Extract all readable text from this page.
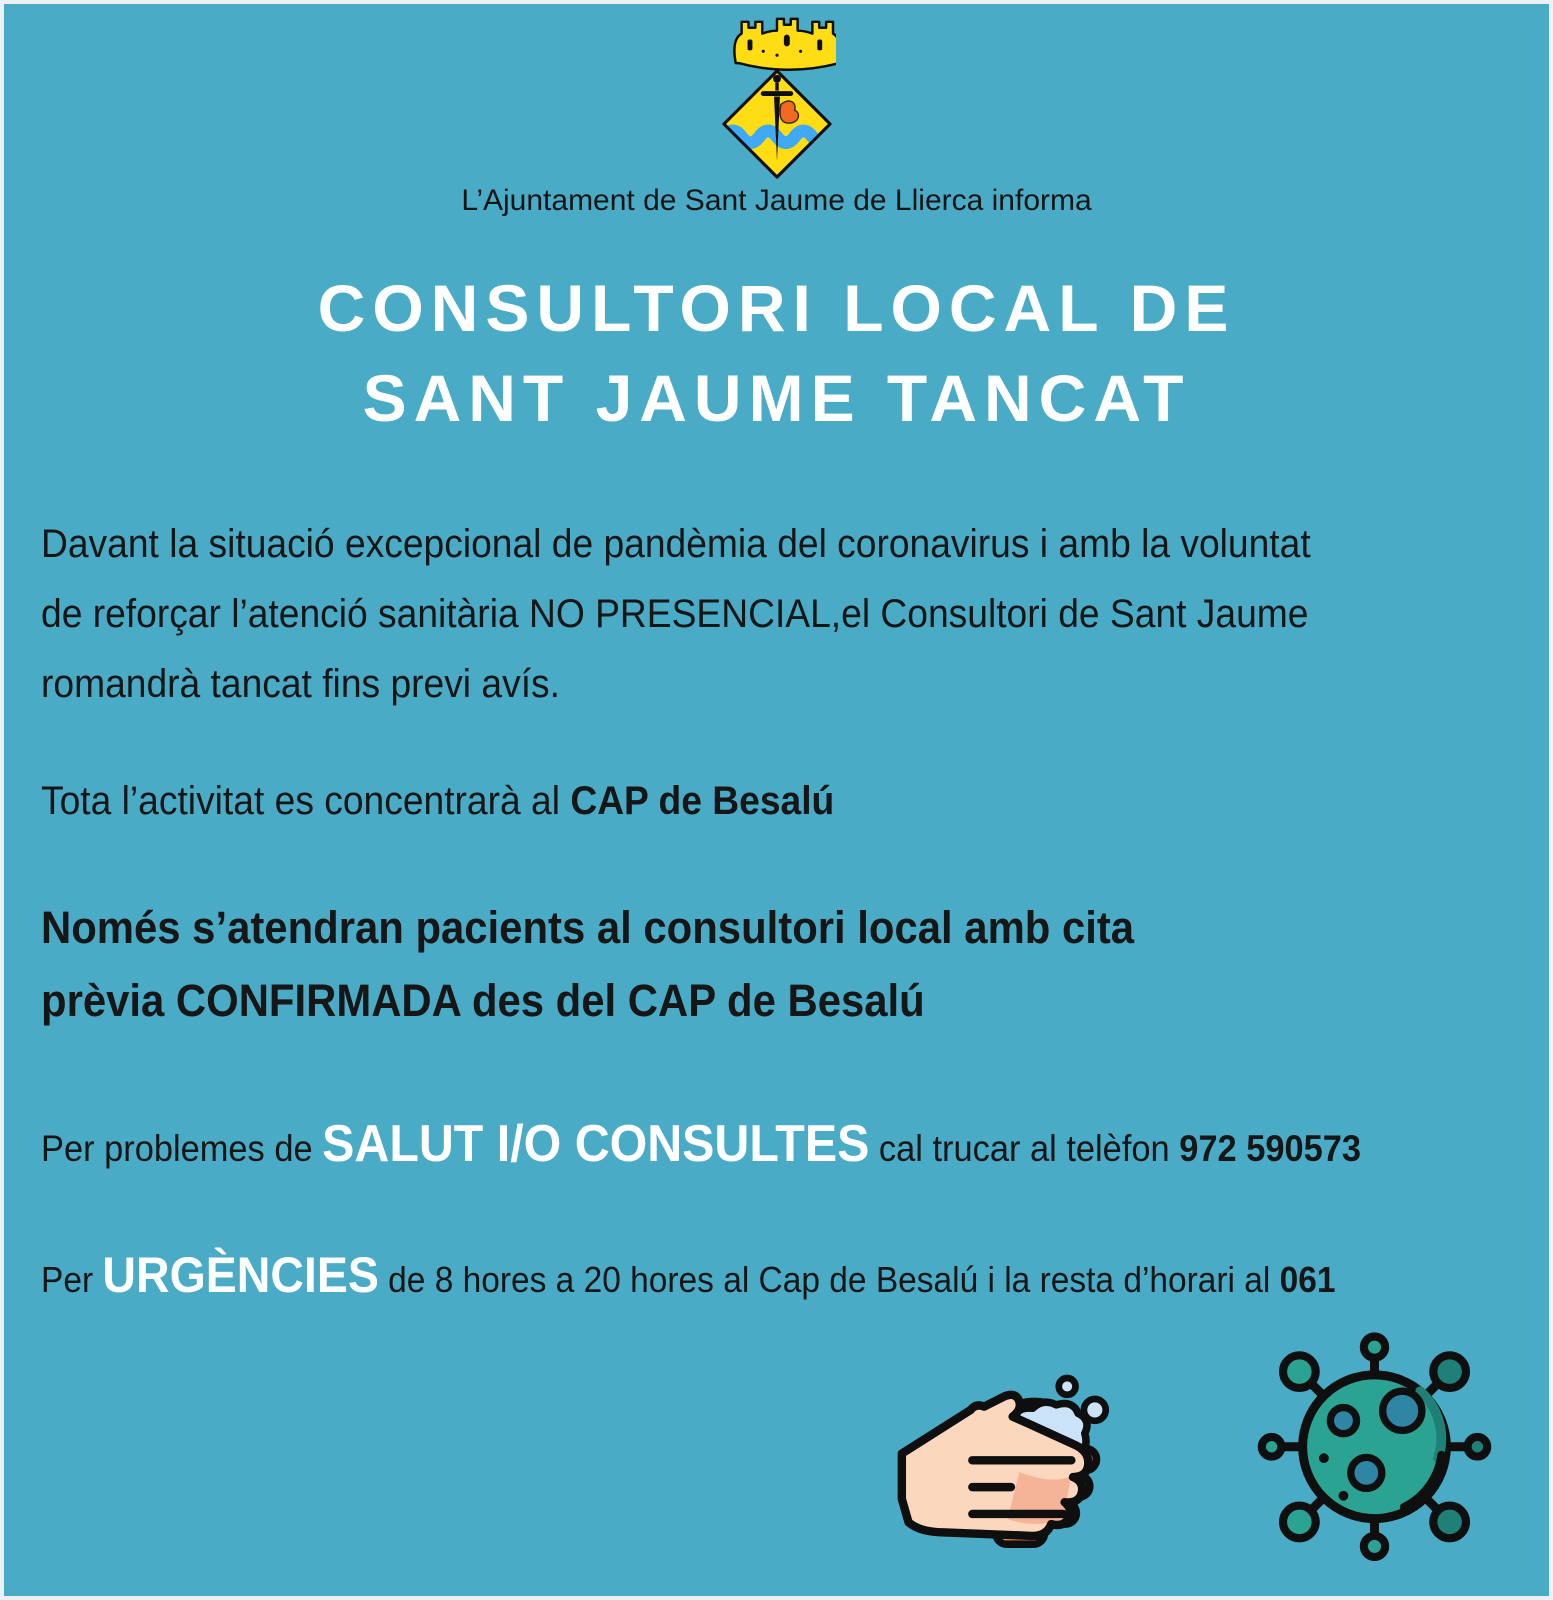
L’Ajuntament de Sant Jaume de Llierca informa
CONSULTORI LOCAL DE
SANT JAUME TANCAT
Davant la situació excepcional de pandèmia del coronavirus i amb la voluntat
de reforçar l’atenció sanitària NO PRESENCIAL,el Consultori de Sant Jaume
romandrà tancat fins previ avís.
Tota l’activitat es concentrarà al CAP de Besalú
Només s’atendran pacients al consultori local amb cita
prèvia CONFIRMADA des del CAP de Besalú
Per problemes de SALUT I/O CONSULTES cal trucar al telèfon 972 590573
Per URGÈNCIES de 8 hores a 20 hores al Cap de Besalú i la resta d’horari al 061
